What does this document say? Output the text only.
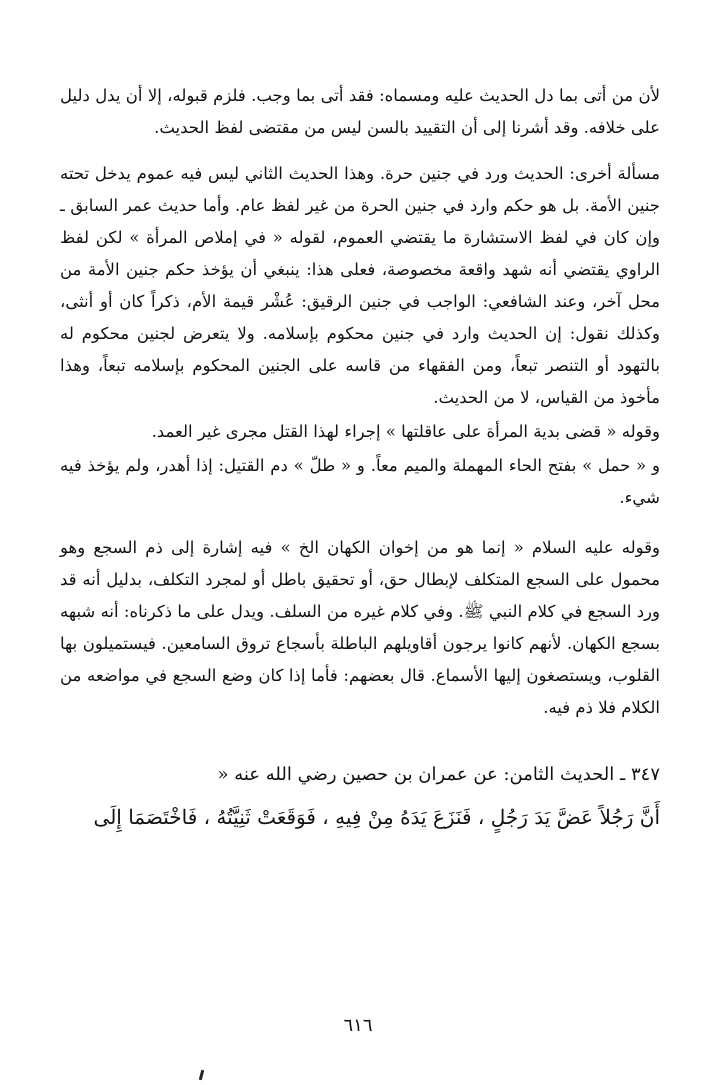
لأن من أتى بما دل الحديث عليه ومسماه: فقد أتى بما وجب. فلزم قبوله، إلا أن يدل دليل على خلافه. وقد أشرنا إلى أن التقييد بالسن ليس من مقتضى لفظ الحديث.

مسألة أخرى: الحديث ورد في جنين حرة. وهذا الحديث الثاني ليس فيه عموم يدخل تحته جنين الأمة. بل هو حكم وارد في جنين الحرة من غير لفظ عام. وأما حديث عمر السابق ـ وإن كان في لفظ الاستشارة ما يقتضي العموم، لقوله « في إملاص المرأة » لكن لفظ الراوي يقتضي أنه شهد واقعة مخصوصة، فعلى هذا: ينبغي أن يؤخذ حكم جنين الأمة من محل آخر، وعند الشافعي: الواجب في جنين الرقيق: عُشْر قيمة الأم، ذكراً كان أو أنثى، وكذلك نقول: إن الحديث وارد في جنين محكوم بإسلامه. ولا يتعرض لجنين محكوم له بالتهود أو التنصر تبعاً، ومن الفقهاء من قاسه على الجنين المحكوم بإسلامه تبعاً، وهذا مأخوذ من القياس، لا من الحديث.

وقوله « قضى بدية المرأة على عاقلتها » إجراء لهذا القتل مجرى غير العمد.

و « حمل » بفتح الحاء المهملة والميم معاً. و « طلّ » دم القتيل: إذا أهدر، ولم يؤخذ فيه شيء.

وقوله عليه السلام « إنما هو من إخوان الكهان الخ » فيه إشارة إلى ذم السجع وهو محمول على السجع المتكلف لإبطال حق، أو تحقيق باطل أو لمجرد التكلف، بدليل أنه قد ورد السجع في كلام النبي ﷺ. وفي كلام غيره من السلف. ويدل على ما ذكرناه: أنه شبهه بسجع الكهان. لأنهم كانوا يرجون أقاويلهم الباطلة بأسجاع تروق السامعين. فيستميلون بها القلوب، ويستصغون إليها الأسماع. قال بعضهم: فأما إذا كان وضع السجع في مواضعه من الكلام فلا ذم فيه.

٣٤٧ ـ الحديث الثامن: عن عمران بن حصين رضي الله عنه «
أَنَّ رَجُلاً عَضَّ يَدَ رَجُلٍ ، فَنَزَعَ يَدَهُ مِنْ فِيهِ ، فَوَقَعَتْ ثَنِيَّتُهُ ، فَاخْتَصَمَا إِلَى
٦١٦
